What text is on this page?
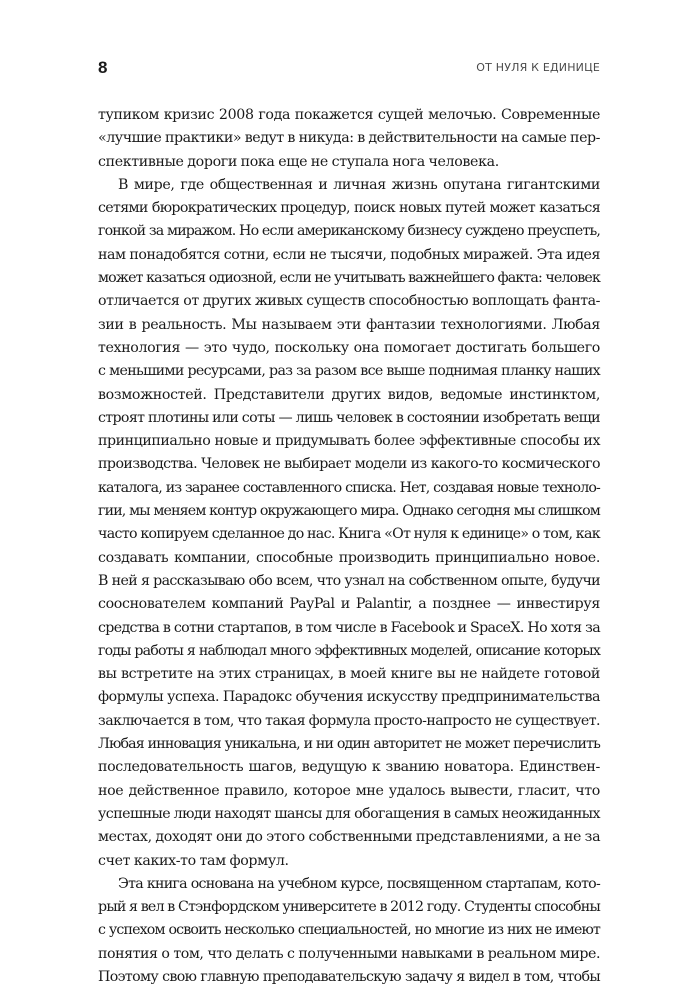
8	ОТ НУЛЯ К ЕДИНИЦЕ
тупиком кризис 2008 года покажется сущей мелочью. Современные
«лучшие практики» ведут в никуда: в действительности на самые пер-
спективные дороги пока еще не ступала нога человека.
В мире, где общественная и личная жизнь опутана гигантскими
сетями бюрократических процедур, поиск новых путей может казаться
гонкой за миражом. Но если американскому бизнесу суждено преуспеть,
нам понадобятся сотни, если не тысячи, подобных миражей. Эта идея
может казаться одиозной, если не учитывать важнейшего факта: человек
отличается от других живых существ способностью воплощать фанта-
зии в реальность. Мы называем эти фантазии технологиями. Любая
технология — это чудо, поскольку она помогает достигать большего
с меньшими ресурсами, раз за разом все выше поднимая планку наших
возможностей. Представители других видов, ведомые инстинктом,
строят плотины или соты — лишь человек в состоянии изобретать вещи
принципиально новые и придумывать более эффективные способы их
производства. Человек не выбирает модели из какого-то космического
каталога, из заранее составленного списка. Нет, создавая новые техноло-
гии, мы меняем контур окружающего мира. Однако сегодня мы слишком
часто копируем сделанное до нас. Книга «От нуля к единице» о том, как
создавать компании, способные производить принципиально новое.
В ней я рассказываю обо всем, что узнал на собственном опыте, будучи
сооснователем компаний PayPal и Palantir, а позднее — инвестируя
средства в сотни стартапов, в том числе в Facebook и SpaceX. Но хотя за
годы работы я наблюдал много эффективных моделей, описание которых
вы встретите на этих страницах, в моей книге вы не найдете готовой
формулы успеха. Парадокс обучения искусству предпринимательства
заключается в том, что такая формула просто-напросто не существует.
Любая инновация уникальна, и ни один авторитет не может перечислить
последовательность шагов, ведущую к званию новатора. Единствен-
ное действенное правило, которое мне удалось вывести, гласит, что
успешные люди находят шансы для обогащения в самых неожиданных
местах, доходят они до этого собственными представлениями, а не за
счет каких-то там формул.
Эта книга основана на учебном курсе, посвященном стартапам, кото-
рый я вел в Стэнфордском университете в 2012 году. Студенты способны
с успехом освоить несколько специальностей, но многие из них не имеют
понятия о том, что делать с полученными навыками в реальном мире.
Поэтому свою главную преподавательскую задачу я видел в том, чтобы
